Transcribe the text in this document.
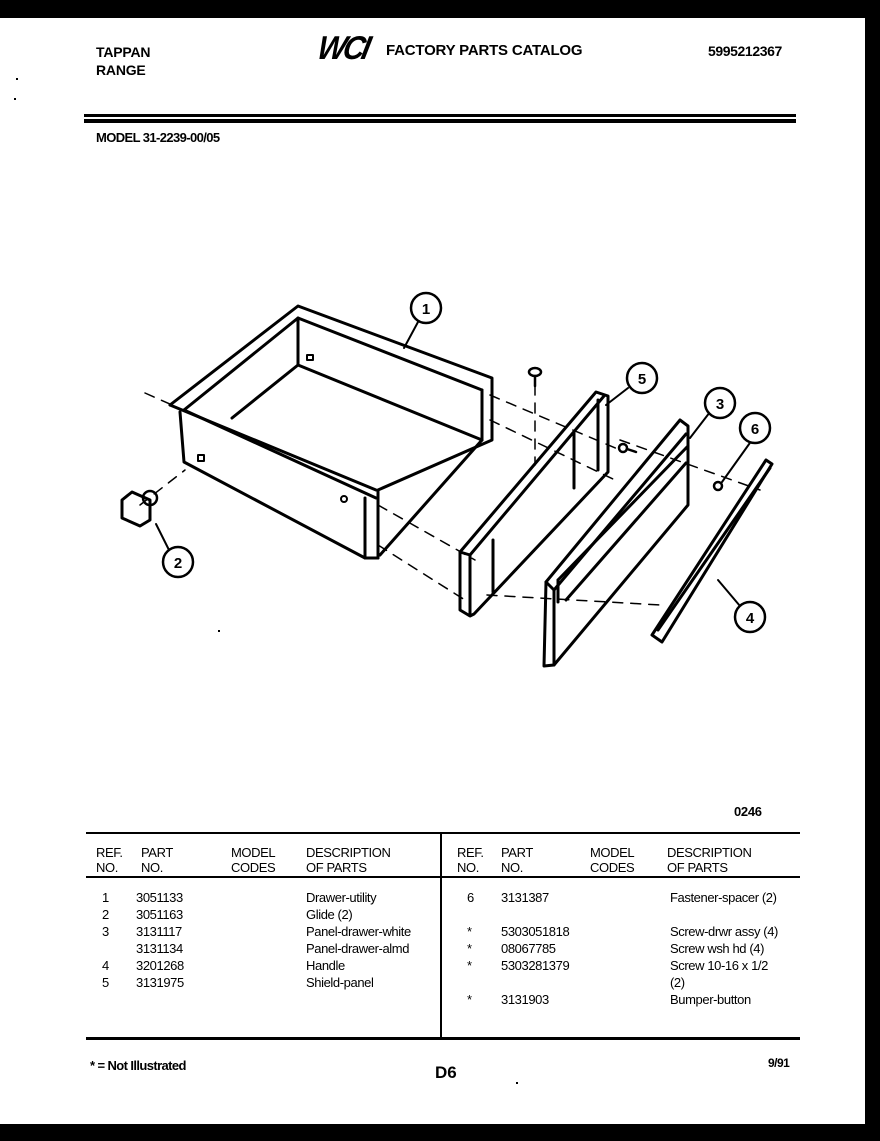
TAPPAN
RANGE
WCI FACTORY PARTS CATALOG	5995212367
MODEL 31-2239-00/05
1
2
5
3
6
4
0246
REF.
NO.
PART
NO.
MODEL
CODES
DESCRIPTION
OF PARTS
REF.
NO.
PART
NO.
MODEL
CODES
DESCRIPTION
OF PARTS
1 3051133	Drawer-utility
2 3051163	Glide (2)
3 3131117	Panel-drawer-white
3131134	Panel-drawer-almd
4 3201268	Handle
5 3131975	Shield-panel
6 3131387	Fastener-spacer (2)
* 5303051818	Screw-drwr assy (4)
* 08067785	Screw wsh hd (4)
* 5303281379	Screw 10-16 x 1/2
(2)
* 3131903	Bumper-button
* = Not Illustrated	D6	9/91
